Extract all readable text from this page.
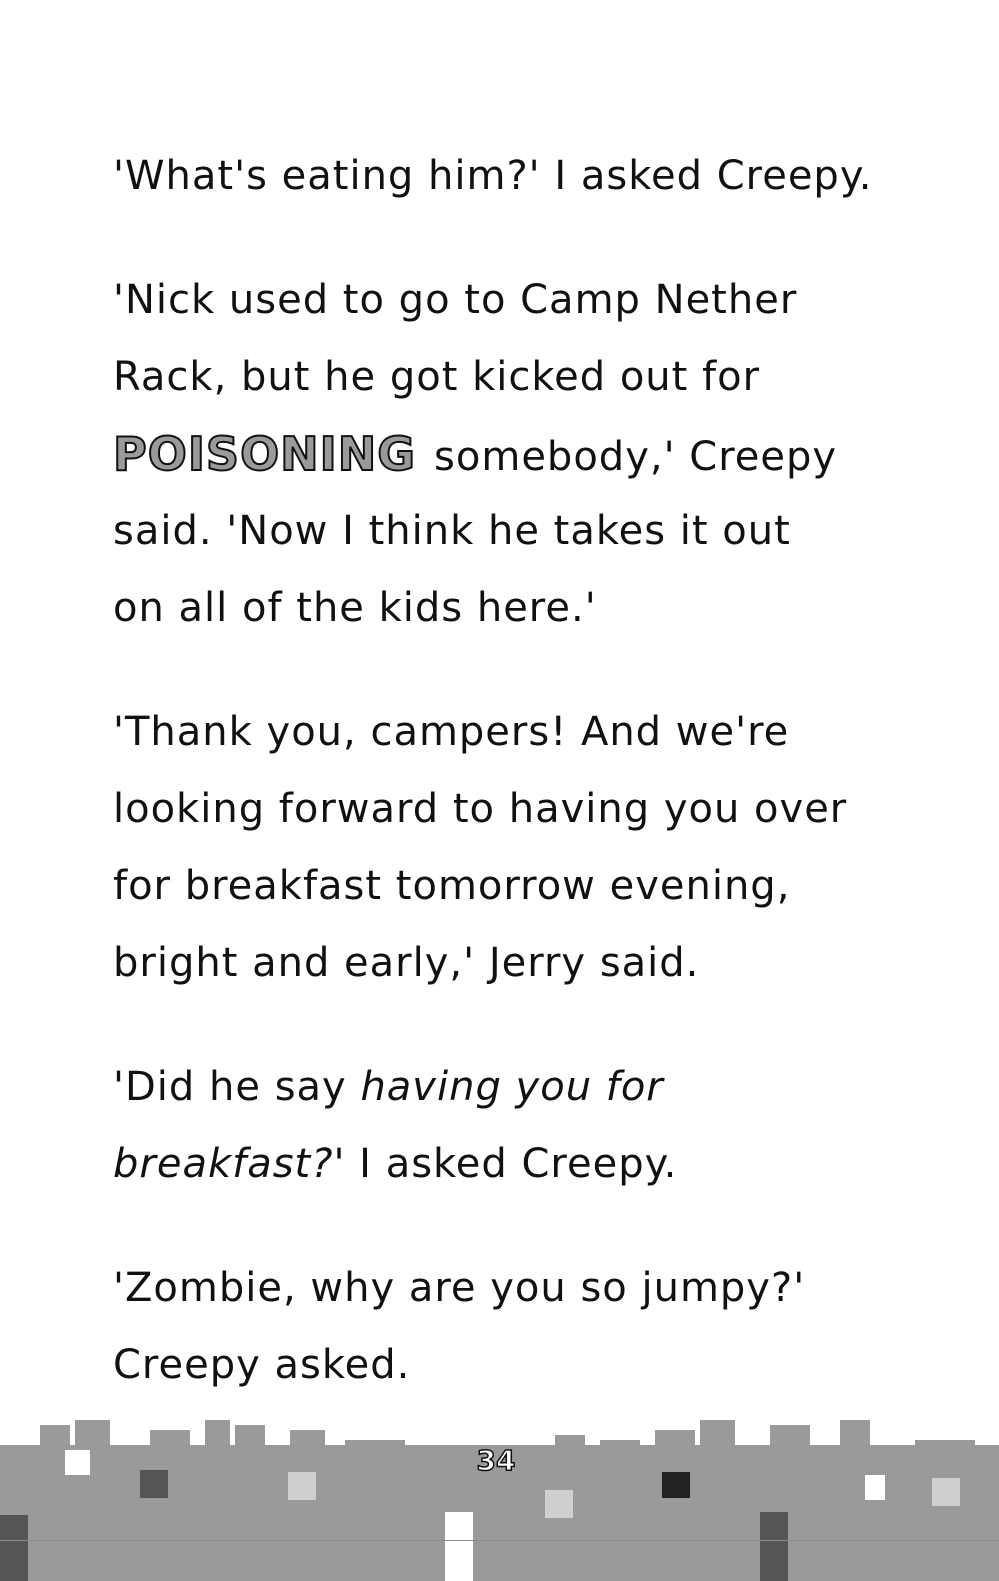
'What's eating him?' I asked Creepy.
'Nick used to go to Camp Nether
Rack, but he got kicked out for
POISONING somebody,' Creepy
said. 'Now I think he takes it out
on all of the kids here.'
'Thank you, campers! And we're
looking forward to having you over
for breakfast tomorrow evening,
bright and early,' Jerry said.
'Did he say having you for
breakfast?' I asked Creepy.
'Zombie, why are you so jumpy?'
Creepy asked.
34
